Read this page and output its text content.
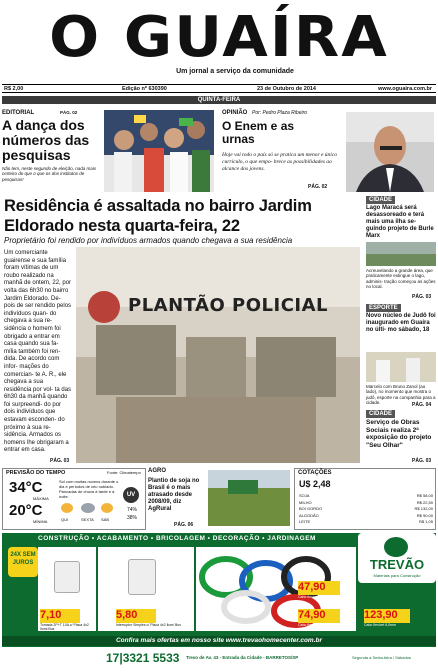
O GUAÍRA
Um jornal a serviço da comunidade
R$ 2,00	Edição nº 630390	23 de Outubro de 2014	www.oguaira.com.br
QUINTA-FEIRA
EDITORIAL	PÁG. 02
A dança dos números das pesquisas
Não tem, neste segundo de eleição, nada mais certeiro do que o que os dos institutos de pesquisas!
OPINIÃO Por: Pedro Plaza Ribeiro
O Enem e as urnas
Hoje vai todo o país só se pratica um menor e único currículo, o que empo- brece as possibilidades ao alcance dos jovens.
PÁG. 02
Residência é assaltada no bairro Jardim Eldorado nesta quarta-feira, 22
Proprietário foi rendido por indivíduos armados quando chegava a sua residência
Um comerciante guairense e sua família foram vítimas de um roubo realizado na manhã de ontem, 22, por volta das 6h30 no bairro Jardim Eldorado. De- pois de ser rendido pelos indivíduos quan- do chegava a sua re- sidência o homem foi obrigado a entrar em casa quando sua fa- mília também foi ren- dida. De acordo com infor- mações do comercian- te A. R., ele chegava a sua residência por vol- ta das 6h30 da manhã quando foi surpreendi- do por dois indivíduos que estavam esconden- do próximo à sua re- sidência. Armados os homens lhe obrigaram a entrar em casa.
PLANTÃO POLICIAL
PÁG. 03
CIDADE
Lago Maracá será desassoreado e terá mais uma ilha se- guindo projeto de Burle Marx
Acreuvelando a grande área, que praticamente extingue o lago, adminis- tração começou as ações no local.
PÁG. 03
ESPORTE
Novo núcleo de Judô foi inaugurado em Guaíra no últi- mo sábado, 18
Marcelo com Bruno Zanol (ao lado), no momento que mostra o judô, esporte na companhia para a cidade.	PÁG. 04
CIDADE
Serviço de Obras Sociais realiza 2ª exposição do projeto "Seu Olhar"
PÁG. 03
PREVISÃO DO TEMPO	Fonte: Climatempo
34°C
MÁXIMA
20°C
MÍNIMA
Sol com muitas nuvens durante o dia e períodos de céu nublado. Pancadas de chuva à tarde e à noite.
QUI	SEXTA SÁB
UV
74%
38%
AGRO
Plantio de soja no Brasil é o mais atrasado desde 2008/09, diz AgRural
PÁG. 06
COTAÇÕES
U$ 2,48
SOJA	R$ 58,00
MILHO	R$ 22,50
BOI GORDO	R$ 132,00
ALGODÃO	R$ 90,00
LEITE	R$ 1,05
CONSTRUÇÃO • ACABAMENTO • BRICOLAGEM • DECORAÇÃO • JARDINAGEM
TREVÃO
Materiais para Construção
24X SEM JUROS
7,10
Tomada 2P+T 10A c/ Placa 4x2 Ilumi Bus
5,80
Interruptor Simples c/ Placa 4x2 Ilumi Bus
47,90
74,90	123,90
Cabo flexível 2,5mm
Cabo flexível 4,0mm	Cabo flexível 6,0mm
Confira mais ofertas em nosso site www.trevaohomecenter.com.br
17|3321 5533 Trevo de Av. 43 - Entrada da Cidade - BARRETOS/SP	Segunda a Sexta-feira / Sábados
